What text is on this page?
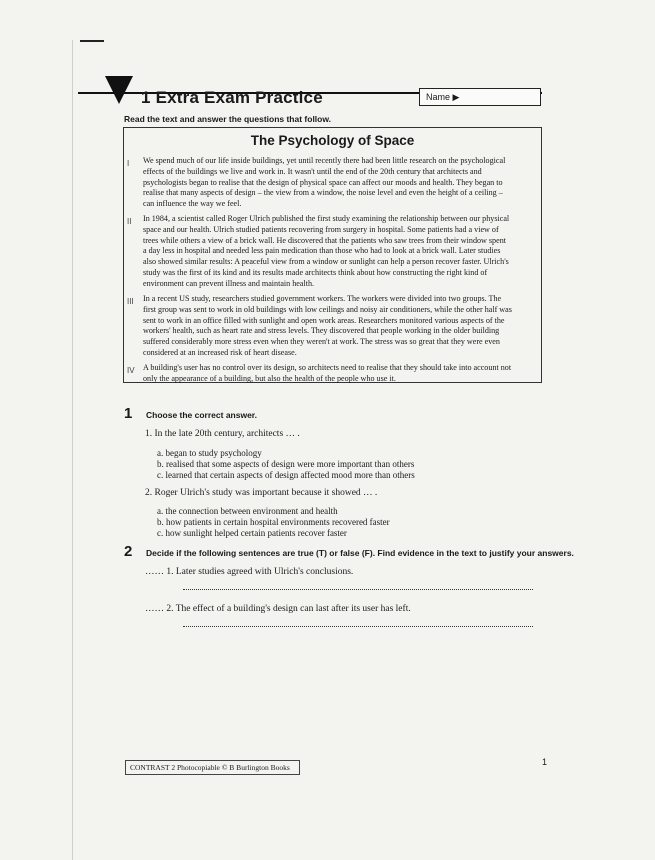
1 Extra Exam Practice	Name ▶
Read the text and answer the questions that follow.
The Psychology of Space
I We spend much of our life inside buildings, yet until recently there had been little research on the psychological
effects of the buildings we live and work in. It wasn't until the end of the 20th century that architects and
psychologists began to realise that the design of physical space can affect our moods and health. They began to
realise that many aspects of design – the view from a window, the noise level and even the height of a ceiling –
can influence the way we feel.
II In 1984, a scientist called Roger Ulrich published the first study examining the relationship between our physical
space and our health. Ulrich studied patients recovering from surgery in hospital. Some patients had a view of
trees while others a view of a brick wall. He discovered that the patients who saw trees from their window spent
a day less in hospital and needed less pain medication than those who had to look at a brick wall. Later studies
also showed similar results: A peaceful view from a window or sunlight can help a person recover faster. Ulrich's
study was the first of its kind and its results made architects think about how constructing the right kind of
environment can prevent illness and maintain health.
III In a recent US study, researchers studied government workers. The workers were divided into two groups. The
first group was sent to work in old buildings with low ceilings and noisy air conditioners, while the other half was
sent to work in an office filled with sunlight and open work areas. Researchers monitored various aspects of the
workers' health, such as heart rate and stress levels. They discovered that people working in the older building
suffered considerably more stress even when they weren't at work. The stress was so great that they were even
considered at an increased risk of heart disease.
IV A building's user has no control over its design, so architects need to realise that they should take into account not
only the appearance of a building, but also the health of the people who use it.
1 Choose the correct answer.
1. In the late 20th century, architects … .
a. began to study psychology
b. realised that some aspects of design were more important than others
c. learned that certain aspects of design affected mood more than others
2. Roger Ulrich's study was important because it showed … .
a. the connection between environment and health
b. how patients in certain hospital environments recovered faster
c. how sunlight helped certain patients recover faster
2 Decide if the following sentences are true (T) or false (F). Find evidence in the text to justify your answers.
…… 1. Later studies agreed with Ulrich's conclusions.
…… 2. The effect of a building's design can last after its user has left.
CONTRAST 2 Photocopiable © B Burlington Books
1
